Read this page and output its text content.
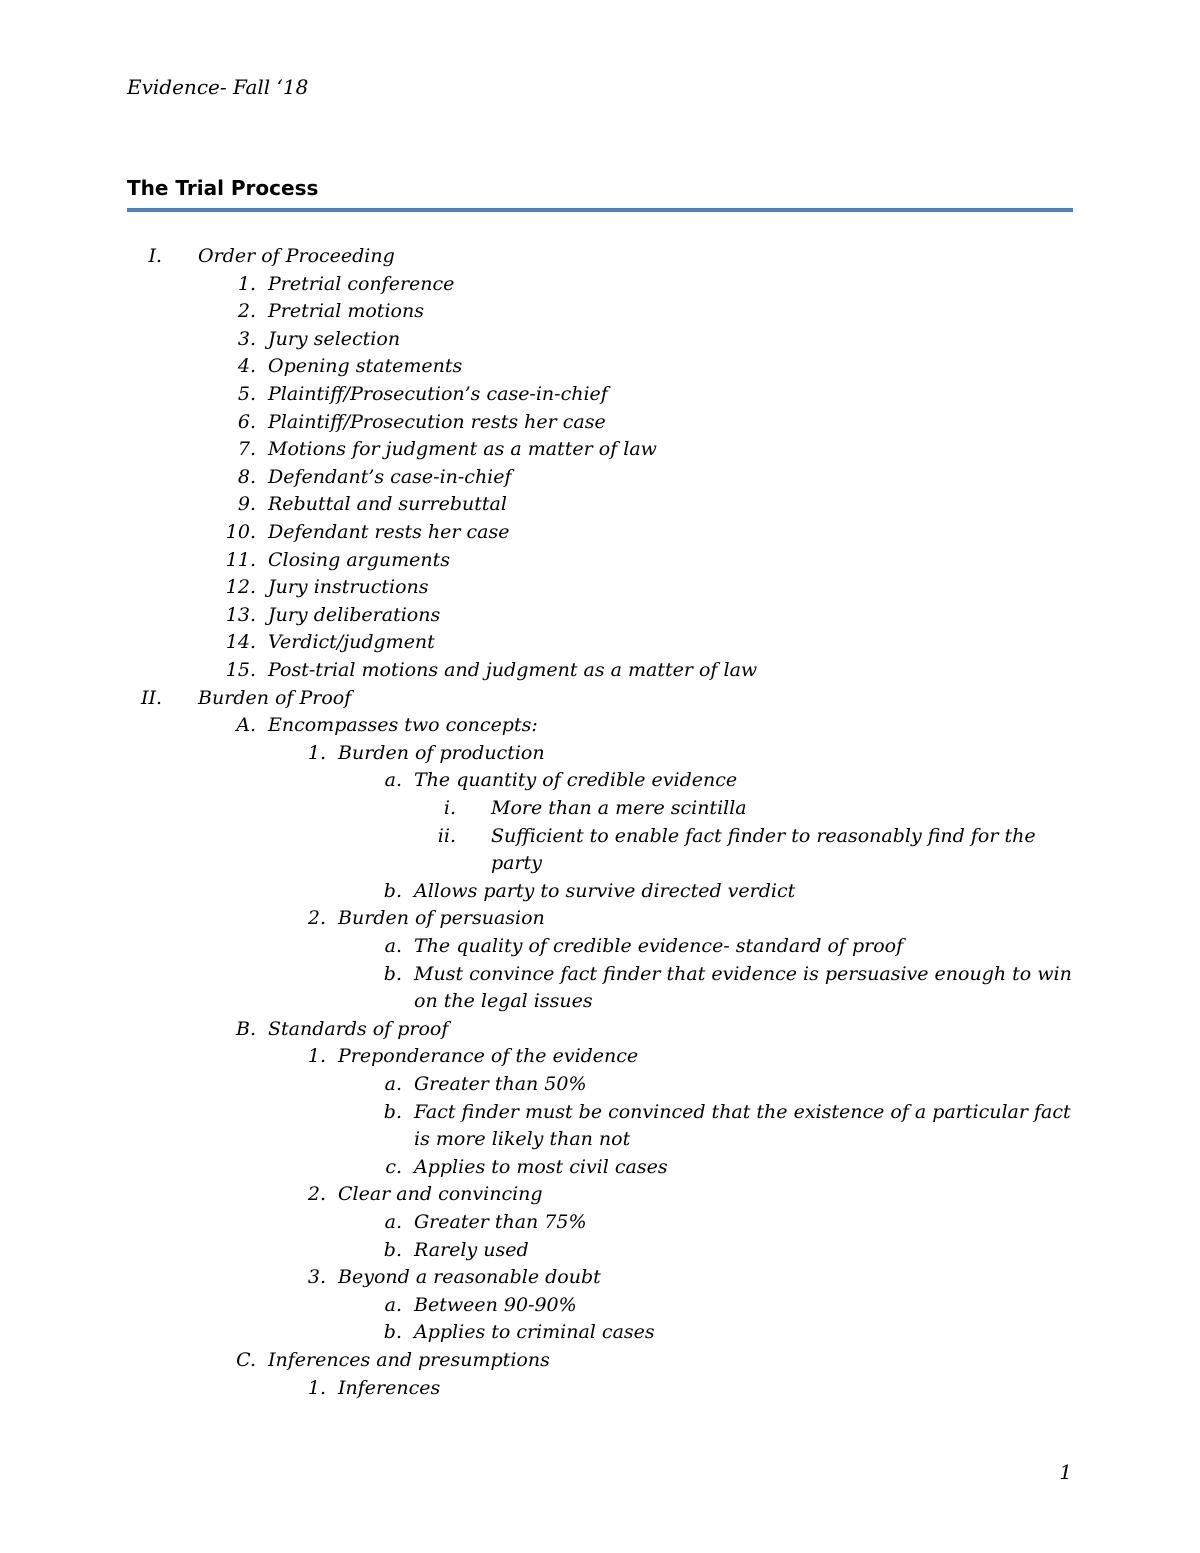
Evidence- Fall ‘18
The Trial Process
I. Order of Proceeding
1. Pretrial conference
2. Pretrial motions
3. Jury selection
4. Opening statements
5. Plaintiff/Prosecution’s case-in-chief
6. Plaintiff/Prosecution rests her case
7. Motions for judgment as a matter of law
8. Defendant’s case-in-chief
9. Rebuttal and surrebuttal
10. Defendant rests her case
11. Closing arguments
12. Jury instructions
13. Jury deliberations
14. Verdict/judgment
15. Post-trial motions and judgment as a matter of law
II. Burden of Proof
A. Encompasses two concepts:
1. Burden of production
a. The quantity of credible evidence
i. More than a mere scintilla
ii. Sufficient to enable fact finder to reasonably find for the
party
b. Allows party to survive directed verdict
2. Burden of persuasion
a. The quality of credible evidence- standard of proof
b. Must convince fact finder that evidence is persuasive enough to win
on the legal issues
B. Standards of proof
1. Preponderance of the evidence
a. Greater than 50%
b. Fact finder must be convinced that the existence of a particular fact
is more likely than not
c. Applies to most civil cases
2. Clear and convincing
a. Greater than 75%
b. Rarely used
3. Beyond a reasonable doubt
a. Between 90-90%
b. Applies to criminal cases
C. Inferences and presumptions
1. Inferences
1
